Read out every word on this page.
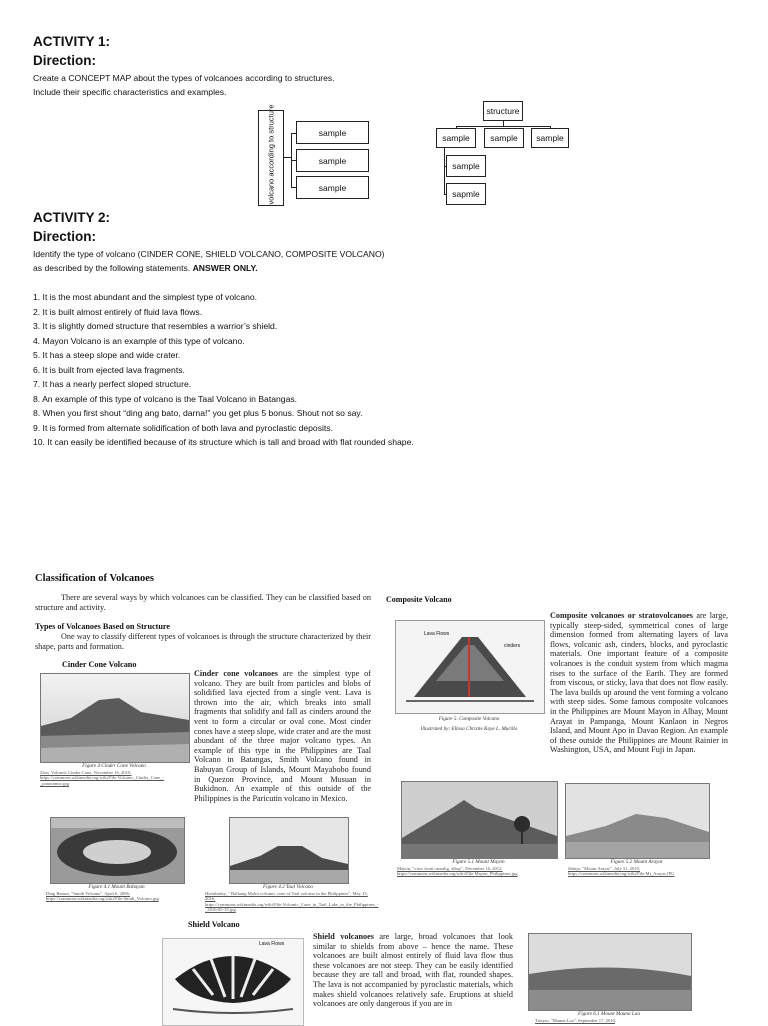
ACTIVITY 1:
Direction:
Create a CONCEPT MAP about the types of volcanoes according to structures.
Include their specific characteristics and examples.
volcano according to structure	sample
sample
sample
structure
sample	sample	sample
sample
sapmle
ACTIVITY 2:
Direction:
Identify the type of volcano (CINDER CONE, SHIELD VOLCANO, COMPOSITE VOLCANO)
as described by the following statements. ANSWER ONLY.
1. It is the most abundant and the simplest type of volcano.
2. It is built almost entirely of fluid lava flows.
3. It is slightly domed structure that resembles a warrior’s shield.
4. Mayon Volcano is an example of this type of volcano.
5. It has a steep slope and wide crater.
6. It is built from ejected lava fragments.
7. It has a nearly perfect sloped structure.
8. An example of this type of volcano is the Taal Volcano in Batangas.
8. When you first shout “ding ang bato, darna!” you get plus 5 bonus. Shout not so say.
9. It is formed from alternate solidification of both lava and pyroclastic deposits.
10. It can easily be identified because of its structure which is tall and broad with flat rounded shape.
Classification of Volcanoes
There are several ways by which volcanoes can be classified. They can be classified based on structure and activity.
Types of Volcanoes Based on Structure
One way to classify different types of volcanoes is through the structure characterized by their shape, parts and formation.
Cinder Cone Volcano
Figure 4 Cinder Cone Volcano
Zion, Volcanic Cinder Cone, November 16, 2010, https://commons.wikimedia.org/wiki/File:Volcanic_Cinder_Cone_-_panoramio.jpg
Cinder cone volcanoes are the simplest type of volcano. They are built from particles and blobs of solidified lava ejected from a single vent. Lava is thrown into the air, which breaks into small fragments that solidify and fall as cinders around the vent to form a circular or oval cone. Most cinder cones have a steep slope, wide crater and are the most abundant of the three major volcano types. An example of this type in the Philippines are Taal Volcano in Batangas, Smith Volcano found in Babuyan Group of Islands, Mount Mayabobo found in Quezon Province, and Mount Musuan in Bukidnon. An example of this outside of the Philippines is the Paricutin volcano in Mexico.
Figure 4.1 Mount Babuyan
Ding Ramos, "Smith Volcano", April 6, 2006, https://commons.wikimedia.org/wiki/File:Smith_Volcano.jpg
Figure 4.2 Taal Volcano
Hierabnitty, " Bulkang Maliit volcanic cone of Taal volcano in the Philippines", May 15, 2016, https://commons.wikimedia.org/wiki/File:Volcanic_Cone_in_Taal_Lake_in_the_Philippines_-_2016-05-15.jpg
Composite Volcano
Lava Flows
cinders
Figure 5. Composite Volcano
Illustrated by: Ellosa Christie Kaye L. Murillo
Composite volcanoes or stratovolcanoes are large, typically steep-sided, symmetrical cones of large dimension formed from alternating layers of lava flows, volcanic ash, cinders, blocks, and pyroclastic materials. One important feature of a composite volcanoes is the conduit system from which magma rises to the surface of the Earth. They are formed from viscous, or sticky, lava that does not flow easily. The lava builds up around the vent forming a volcano with steep sides. Some famous composite volcanoes in the Philippines are Mount Mayon in Albay, Mount Arayat in Pampanga, Mount Kanlaon in Negros Island, and Mount Apo in Davao Region. An example of these outside the Philippines are Mount Rainier in Washington, USA, and Mount Fuji in Japan.
Figure 5.1 Mount Mayon
Mayon, "view from camalig, albay", December 16, 2012, https://commons.wikimedia.org/wiki/File:Mayon_Philippines.jpg
Figure 5.2 Mount Arayat
Shinjo, "Mount Arayat", July 31, 2010, https://commons.wikimedia.org/wiki/File:Mt_Arayat.JPG
Shield Volcano
Lava Flows
Shield volcanoes are large, broad volcanoes that look similar to shields from above – hence the name. These volcanoes are built almost entirely of fluid lava flow thus these volcanoes are not steep. They can be easily identified because they are tall and broad, with flat, rounded shapes. The lava is not accompanied by pyroclastic materials, which makes shield volcanoes relatively safe. Eruptions at shield volcanoes are only dangerous if you are in
Figure 6.1 Mount Mauna Loa
Tuxyso, "Mauna Loa", September 17, 2010
